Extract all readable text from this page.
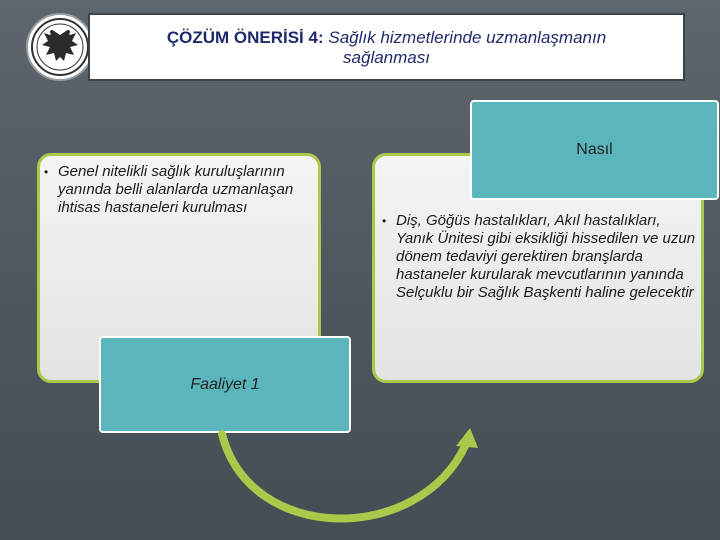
ÇÖZÜM ÖNERİSİ 4: Sağlık hizmetlerinde uzmanlaşmanın
sağlanması
• Genel nitelikli sağlık kuruluşlarının yanında belli alanlarda uzmanlaşan ihtisas hastaneleri kurulması
Nasıl
• Diş, Göğüs hastalıkları, Akıl hastalıkları, Yanık Ünitesi gibi eksikliği hissedilen ve uzun dönem tedaviyi gerektiren branşlarda hastaneler kurularak mevcutlarının yanında Selçuklu bir Sağlık Başkenti haline gelecektir
Faaliyet 1
